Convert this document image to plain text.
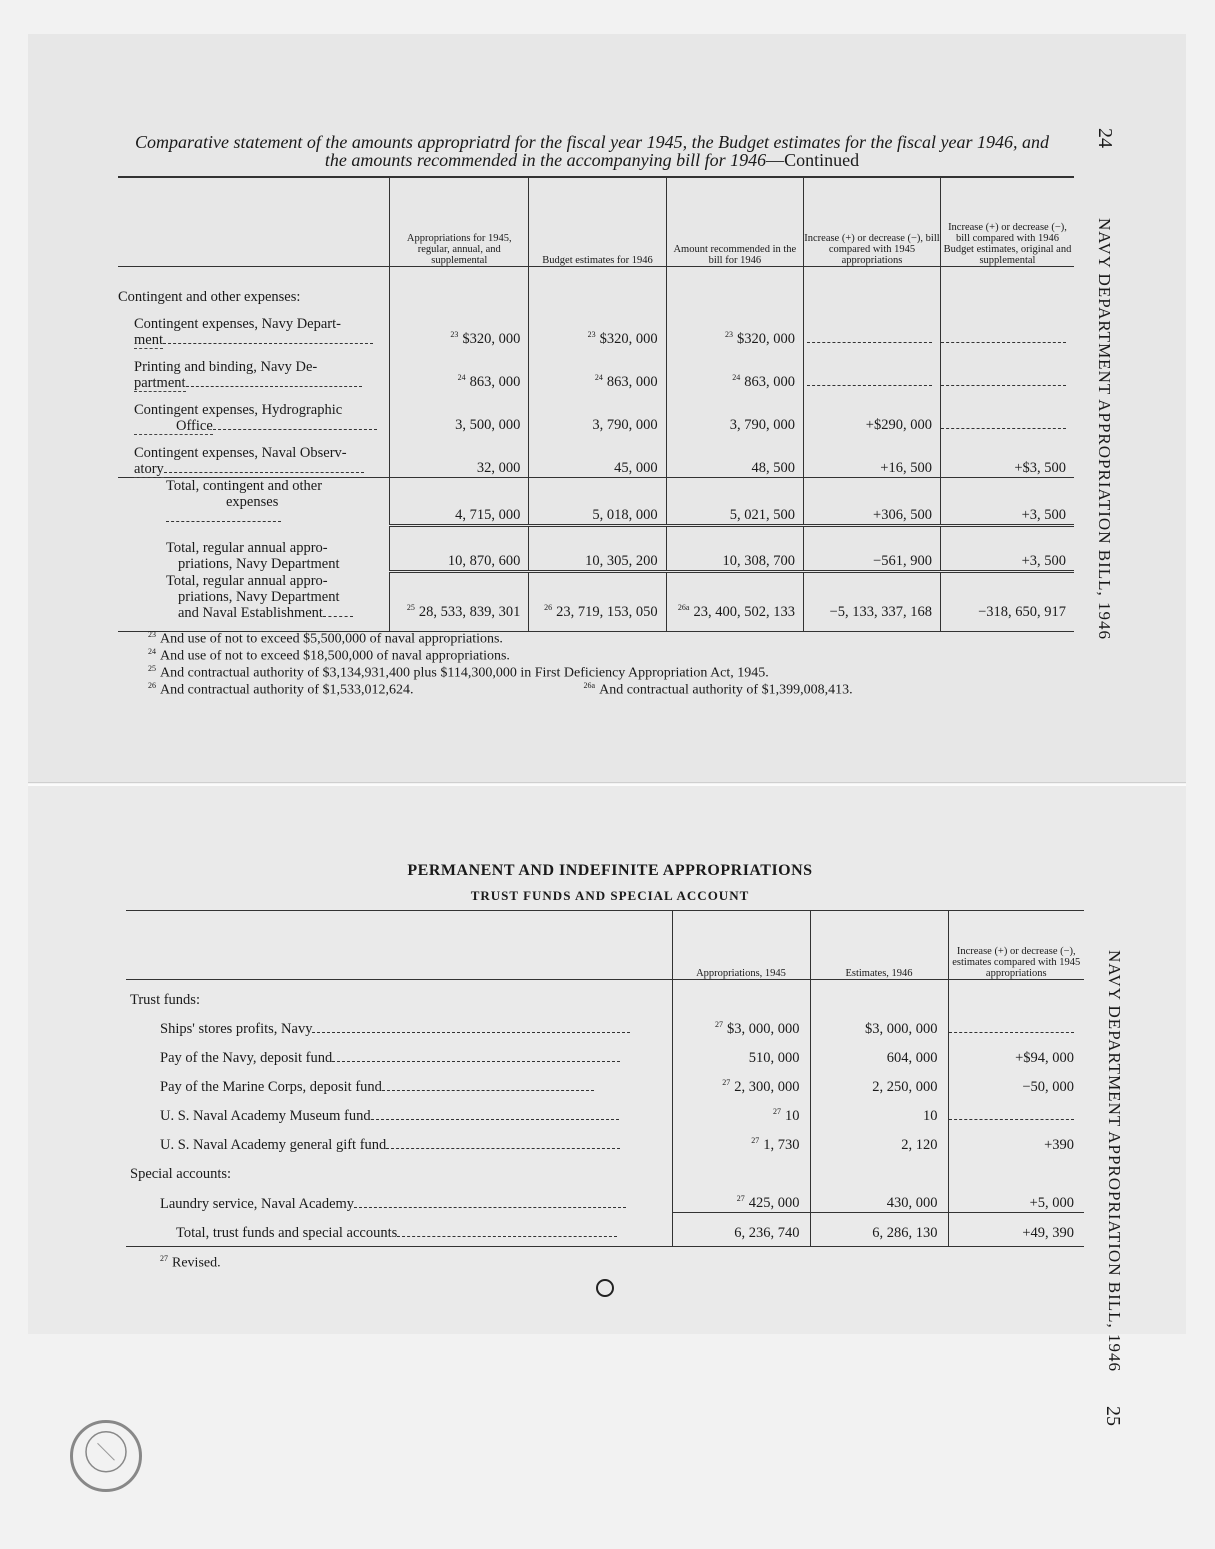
Comparative statement of the amounts appropriatrd for the fiscal year 1945, the Budget estimates for the fiscal year 1946, and
the amounts recommended in the accompanying bill for 1946—Continued
24
NAVY DEPARTMENT APPROPRIATION BILL, 1946
	Appropriations for 1945, regular, annual, and supplemental	Budget estimates for 1946	Amount recommended in the bill for 1946	Increase (+) or decrease (−), bill compared with 1945 appropriations	Increase (+) or decrease (−), bill compared with 1946 Budget estimates, original and supplemental
Contingent and other expenses:					

Contingent expenses, Navy Depart-
ment	$^{23}$ $320, 000	$^{23}$ $320, 000	$^{23}$ $320, 000		

Printing and binding, Navy De-
partment	$^{24}$ 863, 000	$^{24}$ 863, 000	$^{24}$ 863, 000		

Contingent expenses, Hydrographic
Office	3, 500, 000	3, 790, 000	3, 790, 000	+$290, 000	

Contingent expenses, Naval Observ-
atory	32, 000	45, 000	48, 500	+16, 500	+$3, 500

Total, contingent and other
expenses	4, 715, 000	5, 018, 000	5, 021, 500	+306, 500	+3, 500

Total, regular annual appro-
priations, Navy Department	10, 870, 600	10, 305, 200	10, 308, 700	−561, 900	+3, 500

Total, regular annual appro-
priations, Navy Department
and Naval Establishment	$^{25}$ 28, 533, 839, 301	$^{26}$ 23, 719, 153, 050	$^{26a}$ 23, 400, 502, 133	−5, 133, 337, 168	−318, 650, 917
$^{23}$ And use of not to exceed $5,500,000 of naval appropriations.
$^{24}$ And use of not to exceed $18,500,000 of naval appropriations.
$^{25}$ And contractual authority of $3,134,931,400 plus $114,300,000 in First Deficiency Appropriation Act, 1945.
$^{26}$ And contractual authority of $1,533,012,624.	$^{26a}$ And contractual authority of $1,399,008,413.
PERMANENT AND INDEFINITE APPROPRIATIONS
TRUST FUNDS AND SPECIAL ACCOUNT
NAVY DEPARTMENT APPROPRIATION BILL, 1946
25
	Appropriations, 1945	Estimates, 1946	Increase (+) or decrease (−), estimates compared with 1945 appropriations
Trust funds:			
Ships' stores profits, Navy	$^{27}$ $3, 000, 000	$3, 000, 000	
Pay of the Navy, deposit fund	510, 000	604, 000	+$94, 000
Pay of the Marine Corps, deposit fund	$^{27}$ 2, 300, 000	2, 250, 000	−50, 000
U. S. Naval Academy Museum fund	$^{27}$ 10	10	
U. S. Naval Academy general gift fund	$^{27}$ 1, 730	2, 120	+390
Special accounts:			
Laundry service, Naval Academy	$^{27}$ 425, 000	430, 000	+5, 000
Total, trust funds and special accounts	6, 236, 740	6, 286, 130	+49, 390
$^{27}$ Revised.
